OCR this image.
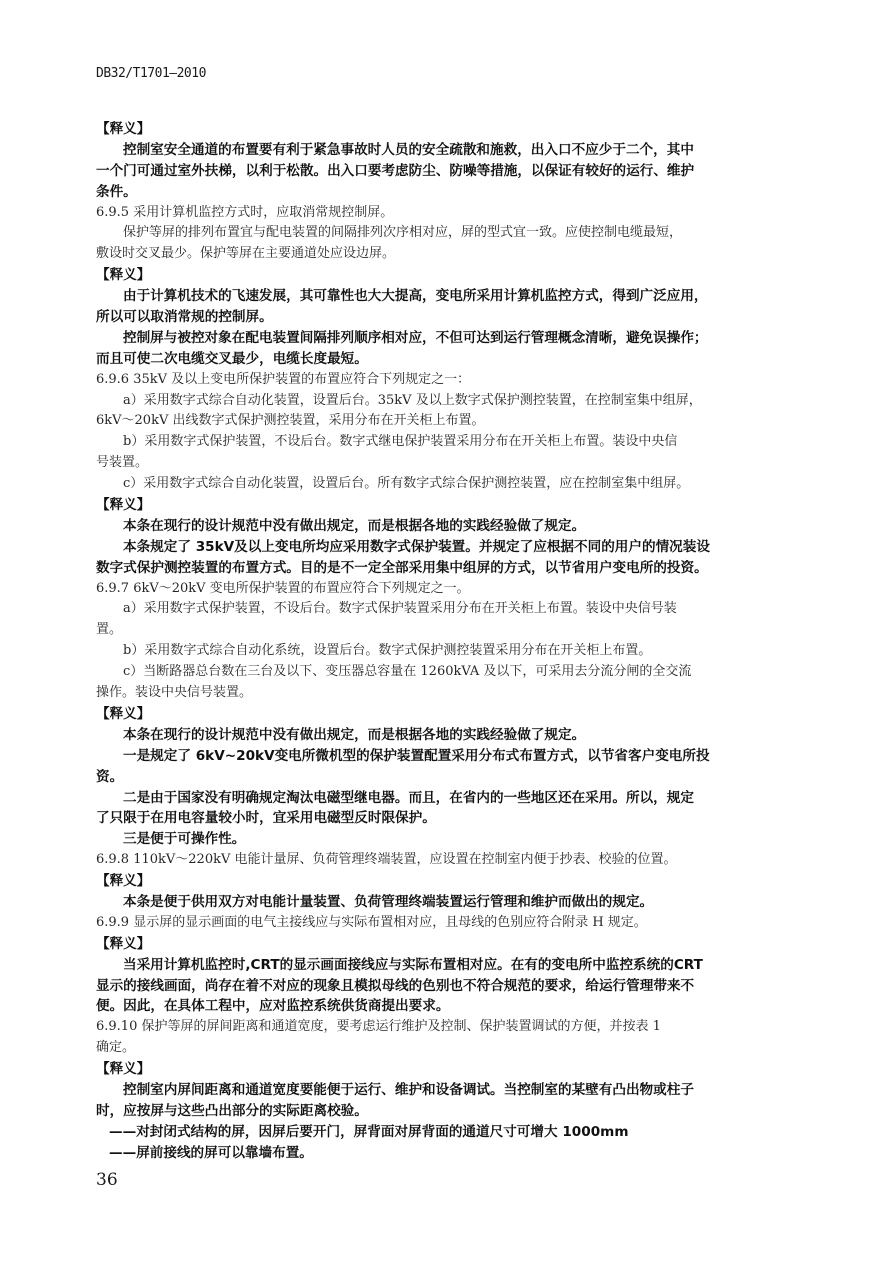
DB32/T1701—2010
【释义】
控制室安全通道的布置要有利于紧急事故时人员的安全疏散和施救，出入口不应少于二个，其中
一个门可通过室外扶梯，以利于松散。出入口要考虑防尘、防噪等措施，以保证有较好的运行、维护
条件。
6.9.5 采用计算机监控方式时，应取消常规控制屏。
保护等屏的排列布置宜与配电装置的间隔排列次序相对应，屏的型式宜一致。应使控制电缆最短，
敷设时交叉最少。保护等屏在主要通道处应设边屏。
【释义】
由于计算机技术的飞速发展，其可靠性也大大提高，变电所采用计算机监控方式，得到广泛应用，
所以可以取消常规的控制屏。
控制屏与被控对象在配电装置间隔排列顺序相对应，不但可达到运行管理概念清晰，避免误操作；
而且可使二次电缆交叉最少，电缆长度最短。
6.9.6 35kV 及以上变电所保护装置的布置应符合下列规定之一：
a）采用数字式综合自动化装置，设置后台。35kV 及以上数字式保护测控装置，在控制室集中组屏，
6kV～20kV 出线数字式保护测控装置，采用分布在开关柜上布置。
b）采用数字式保护装置，不设后台。数字式继电保护装置采用分布在开关柜上布置。装设中央信
号装置。
c）采用数字式综合自动化装置，设置后台。所有数字式综合保护测控装置，应在控制室集中组屏。
【释义】
本条在现行的设计规范中没有做出规定，而是根据各地的实践经验做了规定。
本条规定了 35kV及以上变电所均应采用数字式保护装置。并规定了应根据不同的用户的情况装设
数字式保护测控装置的布置方式。目的是不一定全部采用集中组屏的方式，以节省用户变电所的投资。
6.9.7 6kV～20kV 变电所保护装置的布置应符合下列规定之一。
a）采用数字式保护装置，不设后台。数字式保护装置采用分布在开关柜上布置。装设中央信号装
置。
b）采用数字式综合自动化系统，设置后台。数字式保护测控装置采用分布在开关柜上布置。
c）当断路器总台数在三台及以下、变压器总容量在 1260kVA 及以下，可采用去分流分闸的全交流
操作。装设中央信号装置。
【释义】
本条在现行的设计规范中没有做出规定，而是根据各地的实践经验做了规定。
一是规定了 6kV~20kV变电所微机型的保护装置配置采用分布式布置方式，以节省客户变电所投
资。
二是由于国家没有明确规定淘汰电磁型继电器。而且，在省内的一些地区还在采用。所以，规定
了只限于在用电容量较小时，宜采用电磁型反时限保护。
三是便于可操作性。
6.9.8 110kV～220kV 电能计量屏、负荷管理终端装置，应设置在控制室内便于抄表、校验的位置。
【释义】
本条是便于供用双方对电能计量装置、负荷管理终端装置运行管理和维护而做出的规定。
6.9.9 显示屏的显示画面的电气主接线应与实际布置相对应，且母线的色别应符合附录 H 规定。
【释义】
当采用计算机监控时,CRT的显示画面接线应与实际布置相对应。在有的变电所中监控系统的CRT
显示的接线画面，尚存在着不对应的现象且模拟母线的色别也不符合规范的要求，给运行管理带来不
便。因此，在具体工程中，应对监控系统供货商提出要求。
6.9.10 保护等屏的屏间距离和通道宽度，要考虑运行维护及控制、保护装置调试的方便，并按表 1
确定。
【释义】
控制室内屏间距离和通道宽度要能便于运行、维护和设备调试。当控制室的某壁有凸出物或柱子
时，应按屏与这些凸出部分的实际距离校验。
——对封闭式结构的屏，因屏后要开门，屏背面对屏背面的通道尺寸可增大 1000mm
——屏前接线的屏可以靠墙布置。
36
